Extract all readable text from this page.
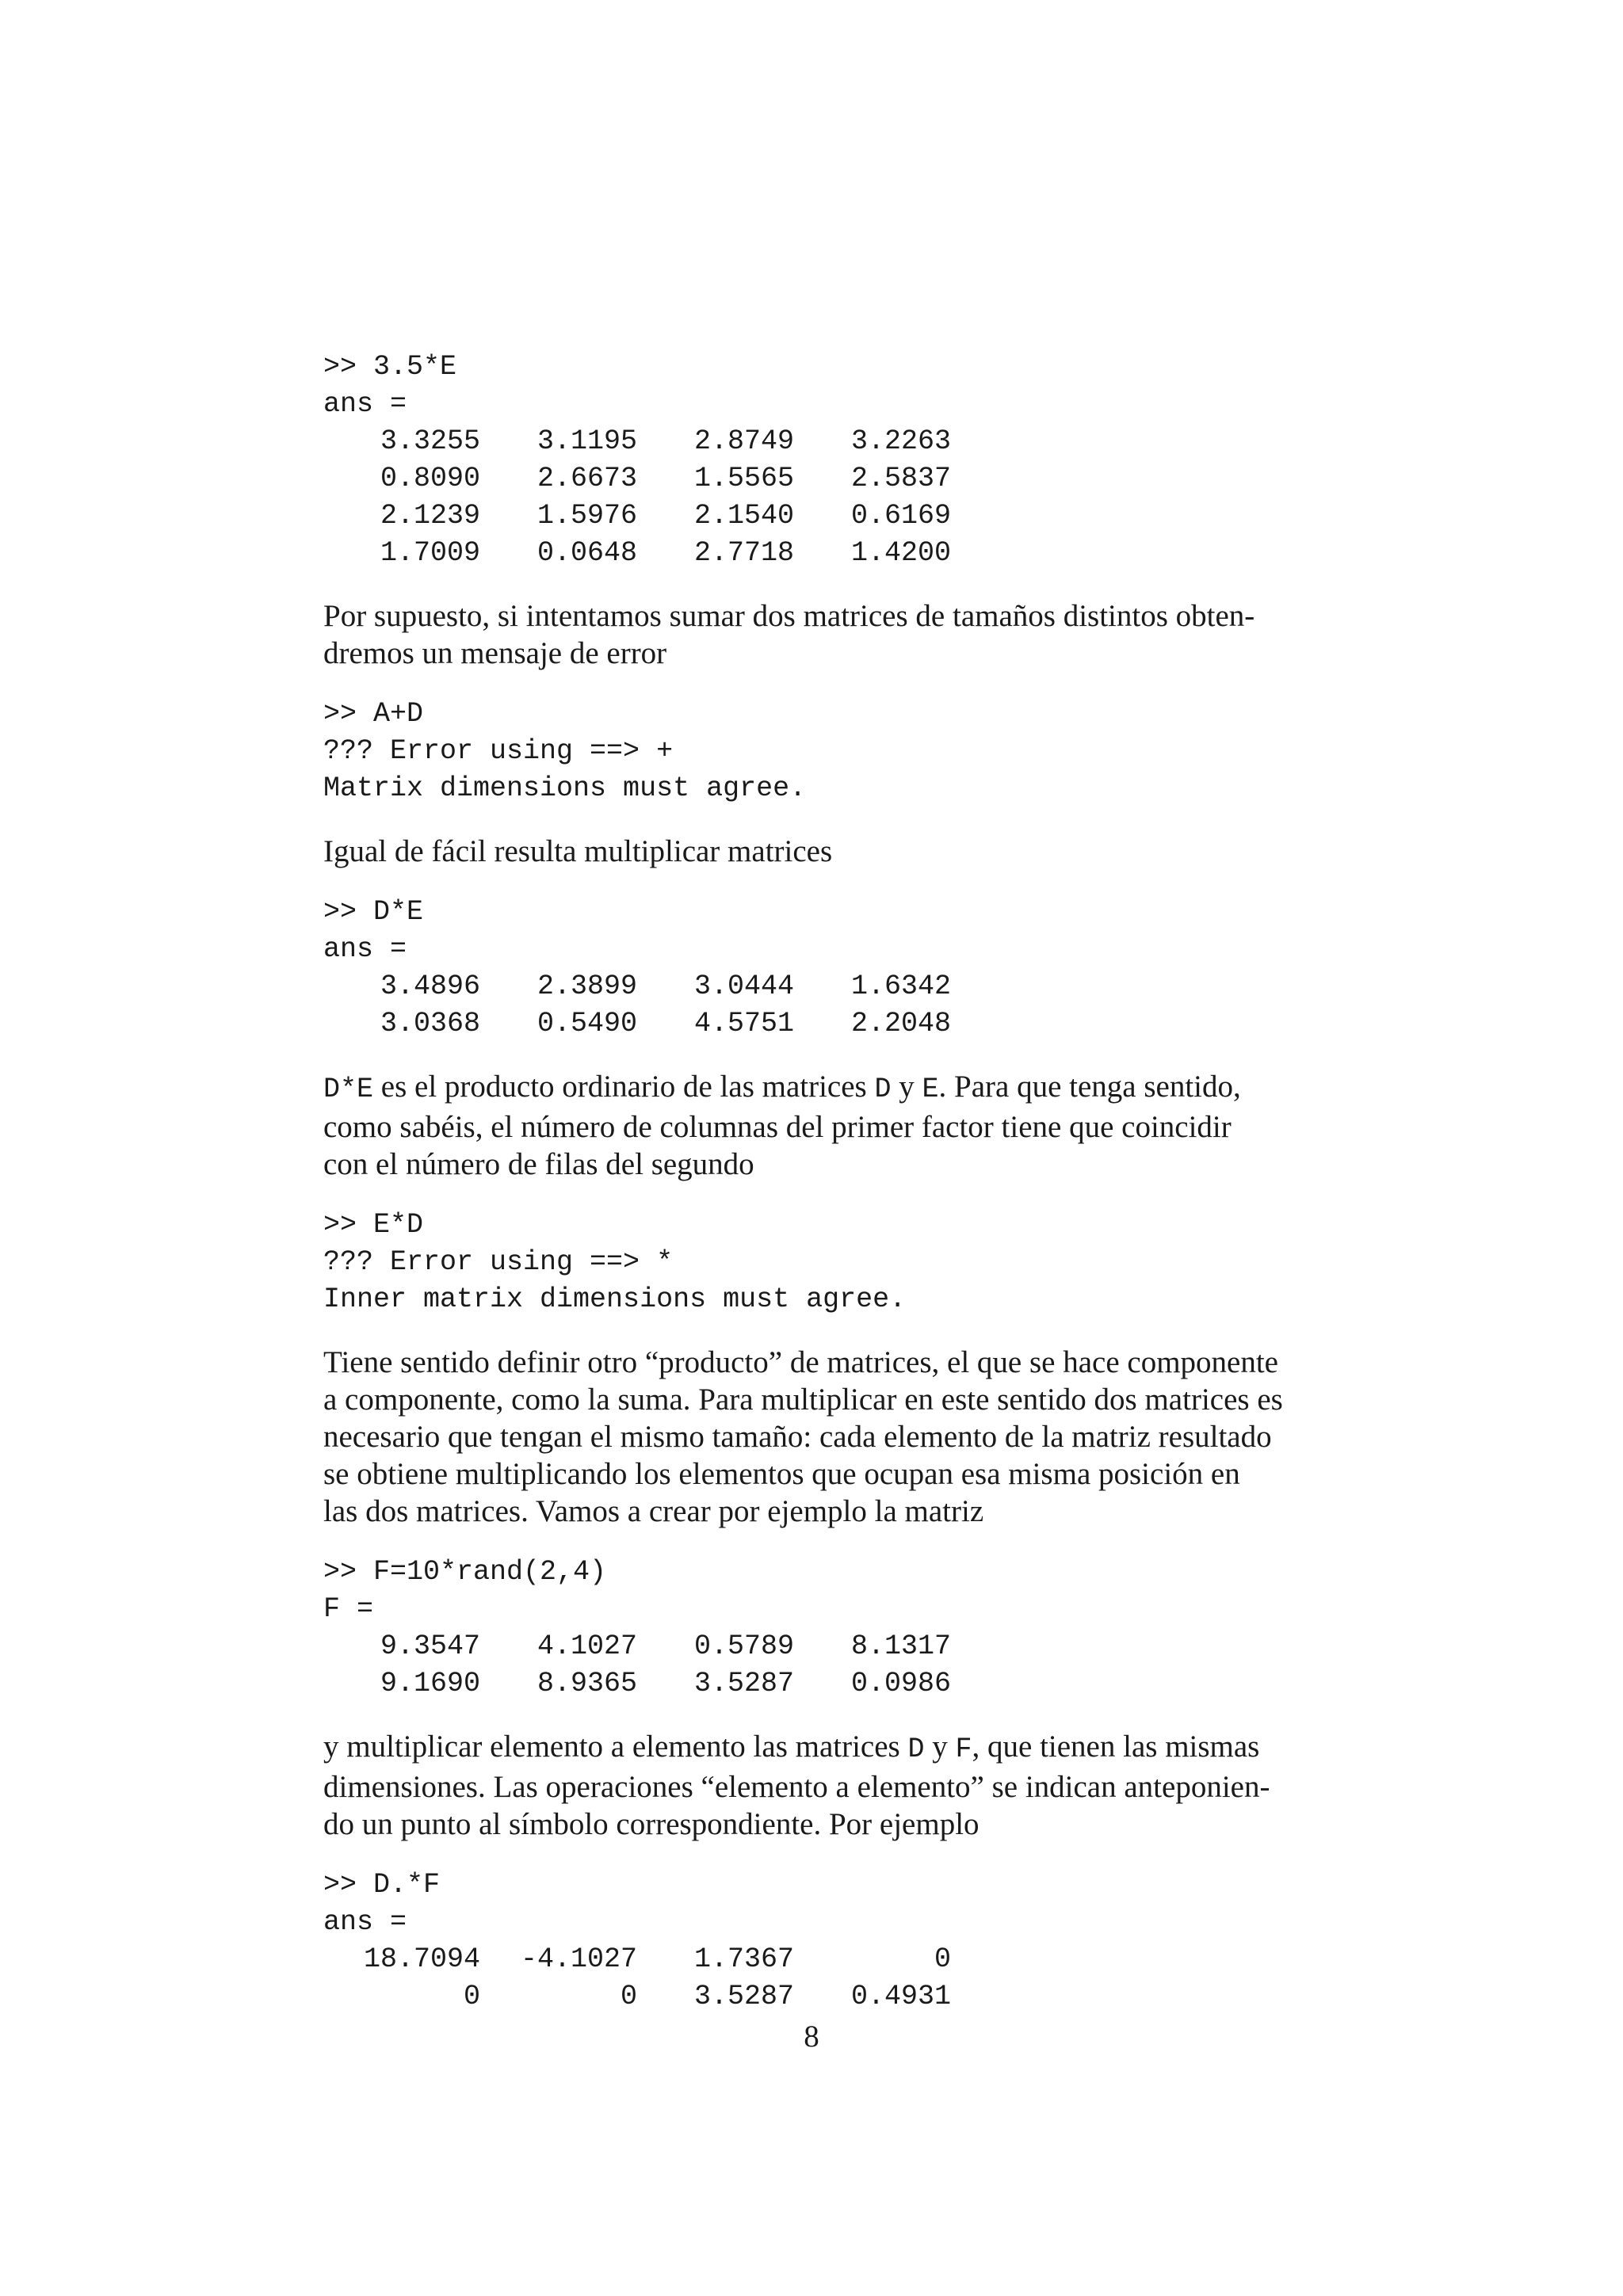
>> 3.5*E
ans =
3.3255 3.1195 2.8749 3.2263
0.8090 2.6673 1.5565 2.5837
2.1239 1.5976 2.1540 0.6169
1.7009 0.0648 2.7718 1.4200
Por supuesto, si intentamos sumar dos matrices de tamaños distintos obten-
dremos un mensaje de error
>> A+D
??? Error using ==> +
Matrix dimensions must agree.
Igual de fácil resulta multiplicar matrices
>> D*E
ans =
3.4896 2.3899 3.0444 1.6342
3.0368 0.5490 4.5751 2.2048
D*E es el producto ordinario de las matrices D y E. Para que tenga sentido,
como sabéis, el número de columnas del primer factor tiene que coincidir
con el número de filas del segundo
>> E*D
??? Error using ==> *
Inner matrix dimensions must agree.
Tiene sentido definir otro “producto” de matrices, el que se hace componente
a componente, como la suma. Para multiplicar en este sentido dos matrices es
necesario que tengan el mismo tamaño: cada elemento de la matriz resultado
se obtiene multiplicando los elementos que ocupan esa misma posición en
las dos matrices. Vamos a crear por ejemplo la matriz
>> F=10*rand(2,4)
F =
9.3547 4.1027 0.5789 8.1317
9.1690 8.9365 3.5287 0.0986
y multiplicar elemento a elemento las matrices D y F, que tienen las mismas
dimensiones. Las operaciones “elemento a elemento” se indican anteponien-
do un punto al símbolo correspondiente. Por ejemplo
>> D.*F
ans =
18.7094 -4.1027 1.7367	0
0	0 3.5287 0.4931
8
